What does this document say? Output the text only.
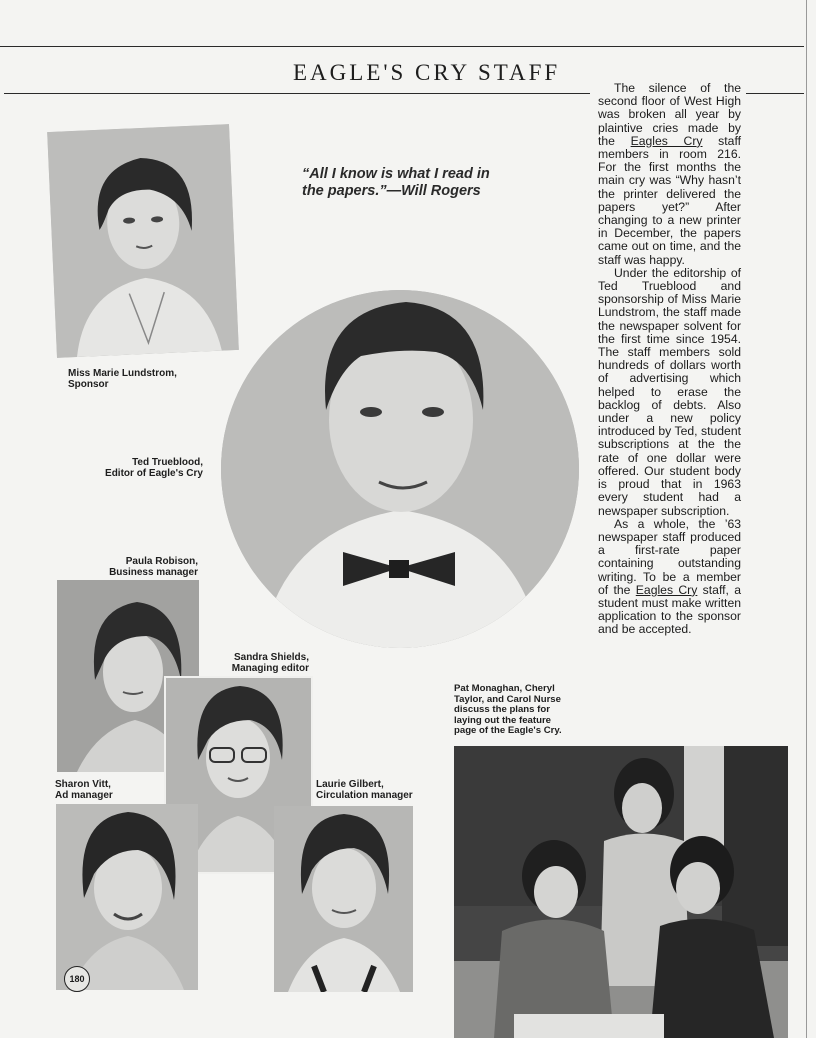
EAGLE'S CRY STAFF
“All I know is what I read in
the papers.”—Will Rogers

The silence of the second floor of West High was broken all year by plaintive cries made by the Eagles Cry staff members in room 216. For the first months the main cry was “Why hasn’t the printer delivered the papers yet?” After changing to a new printer in December, the papers came out on time, and the staff was happy.

Under the editorship of Ted Trueblood and sponsorship of Miss Marie Lundstrom, the staff made the newspaper solvent for the first time since 1954. The staff members sold hundreds of dollars worth of advertising which helped to erase the backlog of debts. Also under a new policy introduced by Ted, student subscriptions at the the rate of one dollar were offered. Our student body is proud that in 1963 every student had a newspaper subscription.

As a whole, the ’63 newspaper staff produced a first-rate paper containing outstanding writing. To be a member of the Eagles Cry staff, a student must make written application to the sponsor and be accepted.

Miss Marie Lundstrom,
Sponsor
Ted Trueblood,
Editor of Eagle's Cry
Paula Robison,
Business manager
Sandra Shields,
Managing editor
Sharon Vitt,
Ad manager
180
Laurie Gilbert,
Circulation manager
Pat Monaghan, Cheryl
Taylor, and Carol Nurse
discuss the plans for
laying out the feature
page of the Eagle's Cry.
